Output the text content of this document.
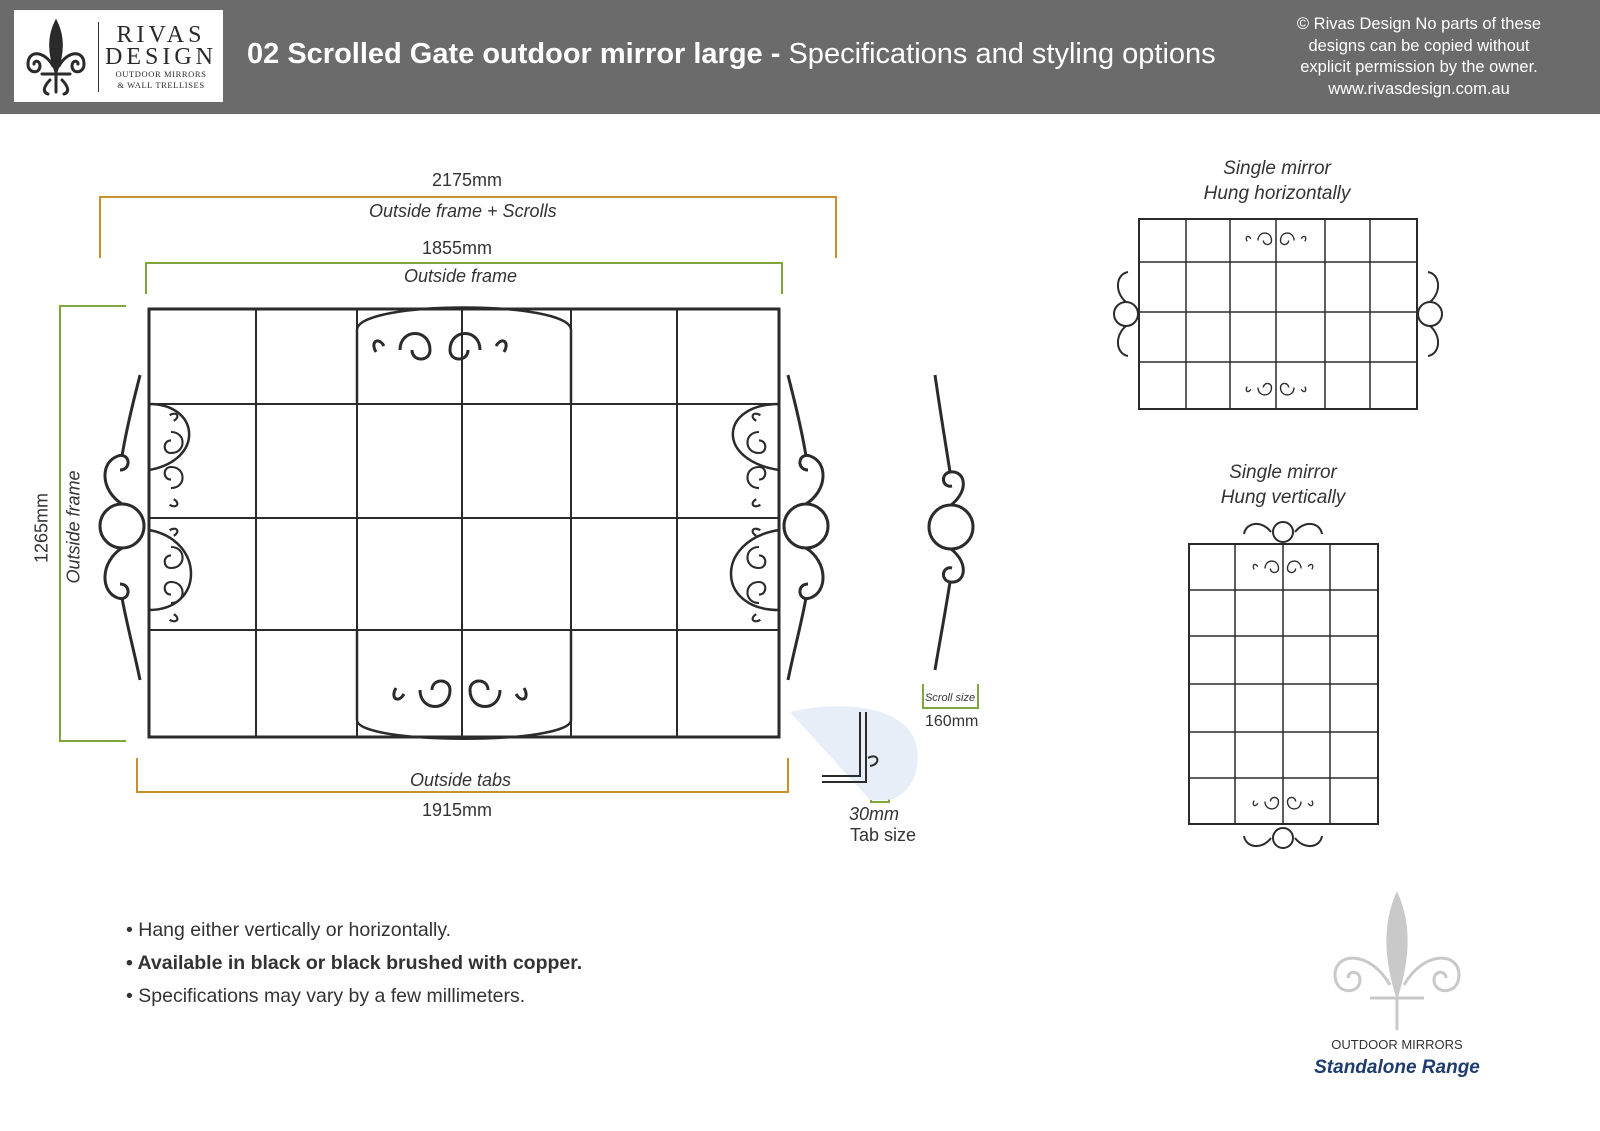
RIVAS
DESIGN
OUTDOOR MIRRORS
& WALL TRELLISES
02 Scrolled Gate outdoor mirror large - Specifications and styling options
© Rivas Design No parts of these
designs can be copied without
explicit permission by the owner.
www.rivasdesign.com.au
2175mm
Outside frame + Scrolls
1855mm
Outside frame
1265mm Outside frame
Outside tabs
1915mm
Scroll size
160mm
30mm
Tab size
Single mirror
Hung horizontally
Single mirror
Hung vertically
• Hang either vertically or horizontally.
• Available in black or black brushed with copper.
• Specifications may vary by a few millimeters.
OUTDOOR MIRRORS
Standalone Range
